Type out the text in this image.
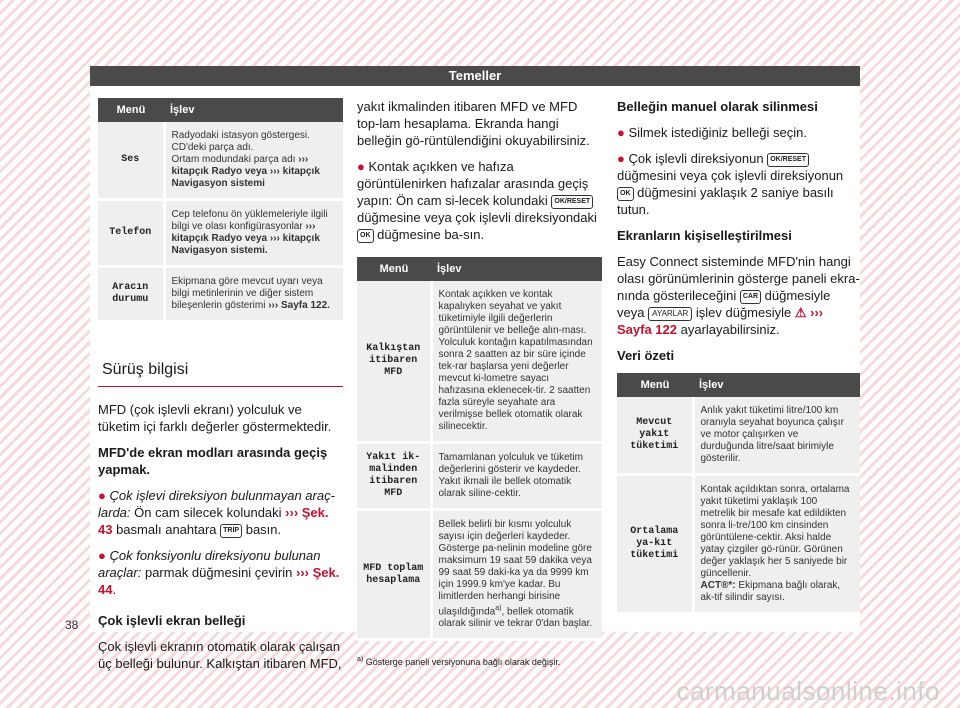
Temeller
Menü	İşlev
Ses	Radyodaki istasyon göstergesi.
CD'deki parça adı.
Ortam modundaki parça adı ››› kitapçık Radyo veya ››› kitapçık Navigasyon sistemi
Telefon	Cep telefonu ön yüklemeleriyle ilgili bilgi ve olası konfigürasyonlar ››› kitapçık Radyo veya ››› kitapçık Navigasyon sistemi.
Aracın durumu	Ekipmana göre mevcut uyarı veya bilgi metinlerinin ve diğer sistem bileşenlerin gösterimi ››› Sayfa 122.
Sürüş bilgisi

MFD (çok işlevli ekranı) yolculuk ve tüketim içi farklı değerler göstermektedir.

MFD'de ekran modları arasında geçiş yapmak.

● Çok işlevi direksiyon bulunmayan araç-larda: Ön cam silecek kolundaki ››› Şek. 43 basmalı anahtara TRIP basın.

● Çok fonksiyonlu direksiyonu bulunan araçlar: parmak düğmesini çevirin ››› Şek. 44.

Çok işlevli ekran belleği

Çok işlevli ekranın otomatik olarak çalışan üç belleği bulunur. Kalkıştan itibaren MFD,

yakıt ikmalinden itibaren MFD ve MFD top-lam hesaplama. Ekranda hangi belleğin gö-rüntülendiğini okuyabilirsiniz.

● Kontak açıkken ve hafıza görüntülenirken hafızalar arasında geçiş yapın: Ön cam si-lecek kolundaki OK/RESET düğmesine veya çok işlevli direksiyondaki OK düğmesine ba-sın.

Menü	İşlev
Kalkıştan itibaren MFD	Kontak açıkken ve kontak kapalıyken seyahat ve yakıt tüketimiyle ilgili değerlerin görüntülenir ve belleğe alın-ması.
Yolculuk kontağın kapatılmasından sonra 2 saatten az bir süre içinde tek-rar başlarsa yeni değerler mevcut ki-lometre sayacı hafızasına eklenecek-tir. 2 saatten fazla süreyle seyahate ara verilmişse bellek otomatik olarak silinecektir.
Yakıt ik-malinden itibaren MFD	Tamamlanan yolculuk ve tüketim değerlerini gösterir ve kaydeder. Yakıt ikmali ile bellek otomatik olarak siline-cektir.
MFD toplam hesaplama	Bellek belirli bir kısmı yolculuk sayısı için değerleri kaydeder. Gösterge pa-nelinin modeline göre maksimum 19 saat 59 dakika veya 99 saat 59 daki-ka ya da 9999 km için 1999.9 km'ye kadar. Bu limitlerden herhangi birisine ulaşıldığında$^{a)}$, bellek otomatik olarak silinir ve tekrar 0'dan başlar.
$^{a)}$ Gösterge paneli versiyonuna bağlı olarak değişir.

Belleğin manuel olarak silinmesi

● Silmek istediğiniz belleği seçin.

● Çok işlevli direksiyonun OK/RESET düğmesini veya çok işlevli direksiyonun OK düğmesini yaklaşık 2 saniye basılı tutun.

Ekranların kişiselleştirilmesi

Easy Connect sisteminde MFD'nin hangi olası görünümlerinin gösterge paneli ekra-nında gösterileceğini CAR düğmesiyle veya AYARLAR işlev düğmesiyle ⚠ ››› Sayfa 122 ayarlayabilirsiniz.

Veri özeti

Menü	İşlev
Mevcut yakıt tüketimi	Anlık yakıt tüketimi litre/100 km oranıyla seyahat boyunca çalışır ve motor çalışırken ve durduğunda litre/saat birimiyle gösterilir.
Ortalama ya-kıt tüketimi	Kontak açıldıktan sonra, ortalama yakıt tüketimi yaklaşık 100 metrelik bir mesafe kat edildikten sonra li-tre/100 km cinsinden görüntülene-cektir. Aksi halde yatay çizgiler gö-rünür. Görünen değer yaklaşık her 5 saniyede bir güncellenir.
ACT®*: Ekipmana bağlı olarak, ak-tif silindir sayısı.
38
carmanualsonline.info
